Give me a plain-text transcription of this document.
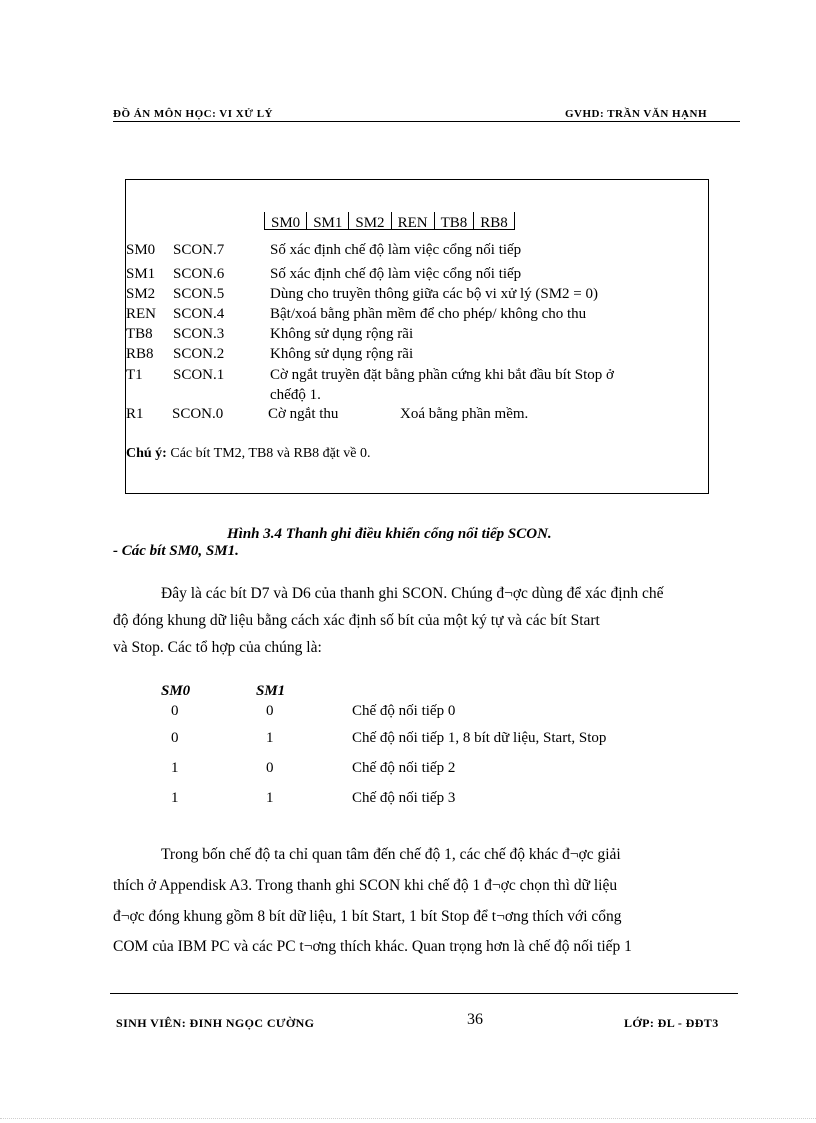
ĐỒ ÁN MÔN HỌC: VI XỬ LÝ	GVHD: TRẦN VĂN HẠNH
SM0 SM1 SM2 REN TB8 RB8
SM0 SCON.7	Số xác định chế độ làm việc cổng nối tiếp
SM1 SCON.6	Số xác định chế độ làm việc cổng nối tiếp
SM2 SCON.5	Dùng cho truyền thông giữa các bộ vi xử lý (SM2 = 0)
REN SCON.4	Bật/xoá bằng phần mềm để cho phép/ không cho thu
TB8 SCON.3	Không sử dụng rộng rãi
RB8 SCON.2	Không sử dụng rộng rãi
T1 SCON.1	Cờ ngắt truyền đặt bằng phần cứng khi bắt đầu bít Stop ở
chếđộ 1.
R1 SCON.0	Cờ ngắt thu	Xoá bằng phần mềm.
Chú ý: Các bít TM2, TB8 và RB8 đặt về 0.
Hình 3.4 Thanh ghi điều khiển cổng nối tiếp SCON.
- Các bít SM0, SM1.
Đây là các bít D7 và D6 của thanh ghi SCON. Chúng đ¬ợc dùng để xác định chế
độ đóng khung dữ liệu bằng cách xác định số bít của một ký tự và các bít Start
và Stop. Các tổ hợp của chúng là:
SM0	SM1
0	0	Chế độ nối tiếp 0
0	1	Chế độ nối tiếp 1, 8 bít dữ liệu, Start, Stop
1	0	Chế độ nối tiếp 2
1	1	Chế độ nối tiếp 3
Trong bốn chế độ ta chỉ quan tâm đến chế độ 1, các chế độ khác đ¬ợc giải
thích ở Appendisk A3. Trong thanh ghi SCON khi chế độ 1 đ¬ợc chọn thì dữ liệu
đ¬ợc đóng khung gồm 8 bít dữ liệu, 1 bít Start, 1 bít Stop để t¬ơng thích với cổng
COM của IBM PC và các PC t¬ơng thích khác. Quan trọng hơn là chế độ nối tiếp 1
SINH VIÊN: ĐINH NGỌC CƯỜNG	36	LỚP: ĐL - ĐĐT3
